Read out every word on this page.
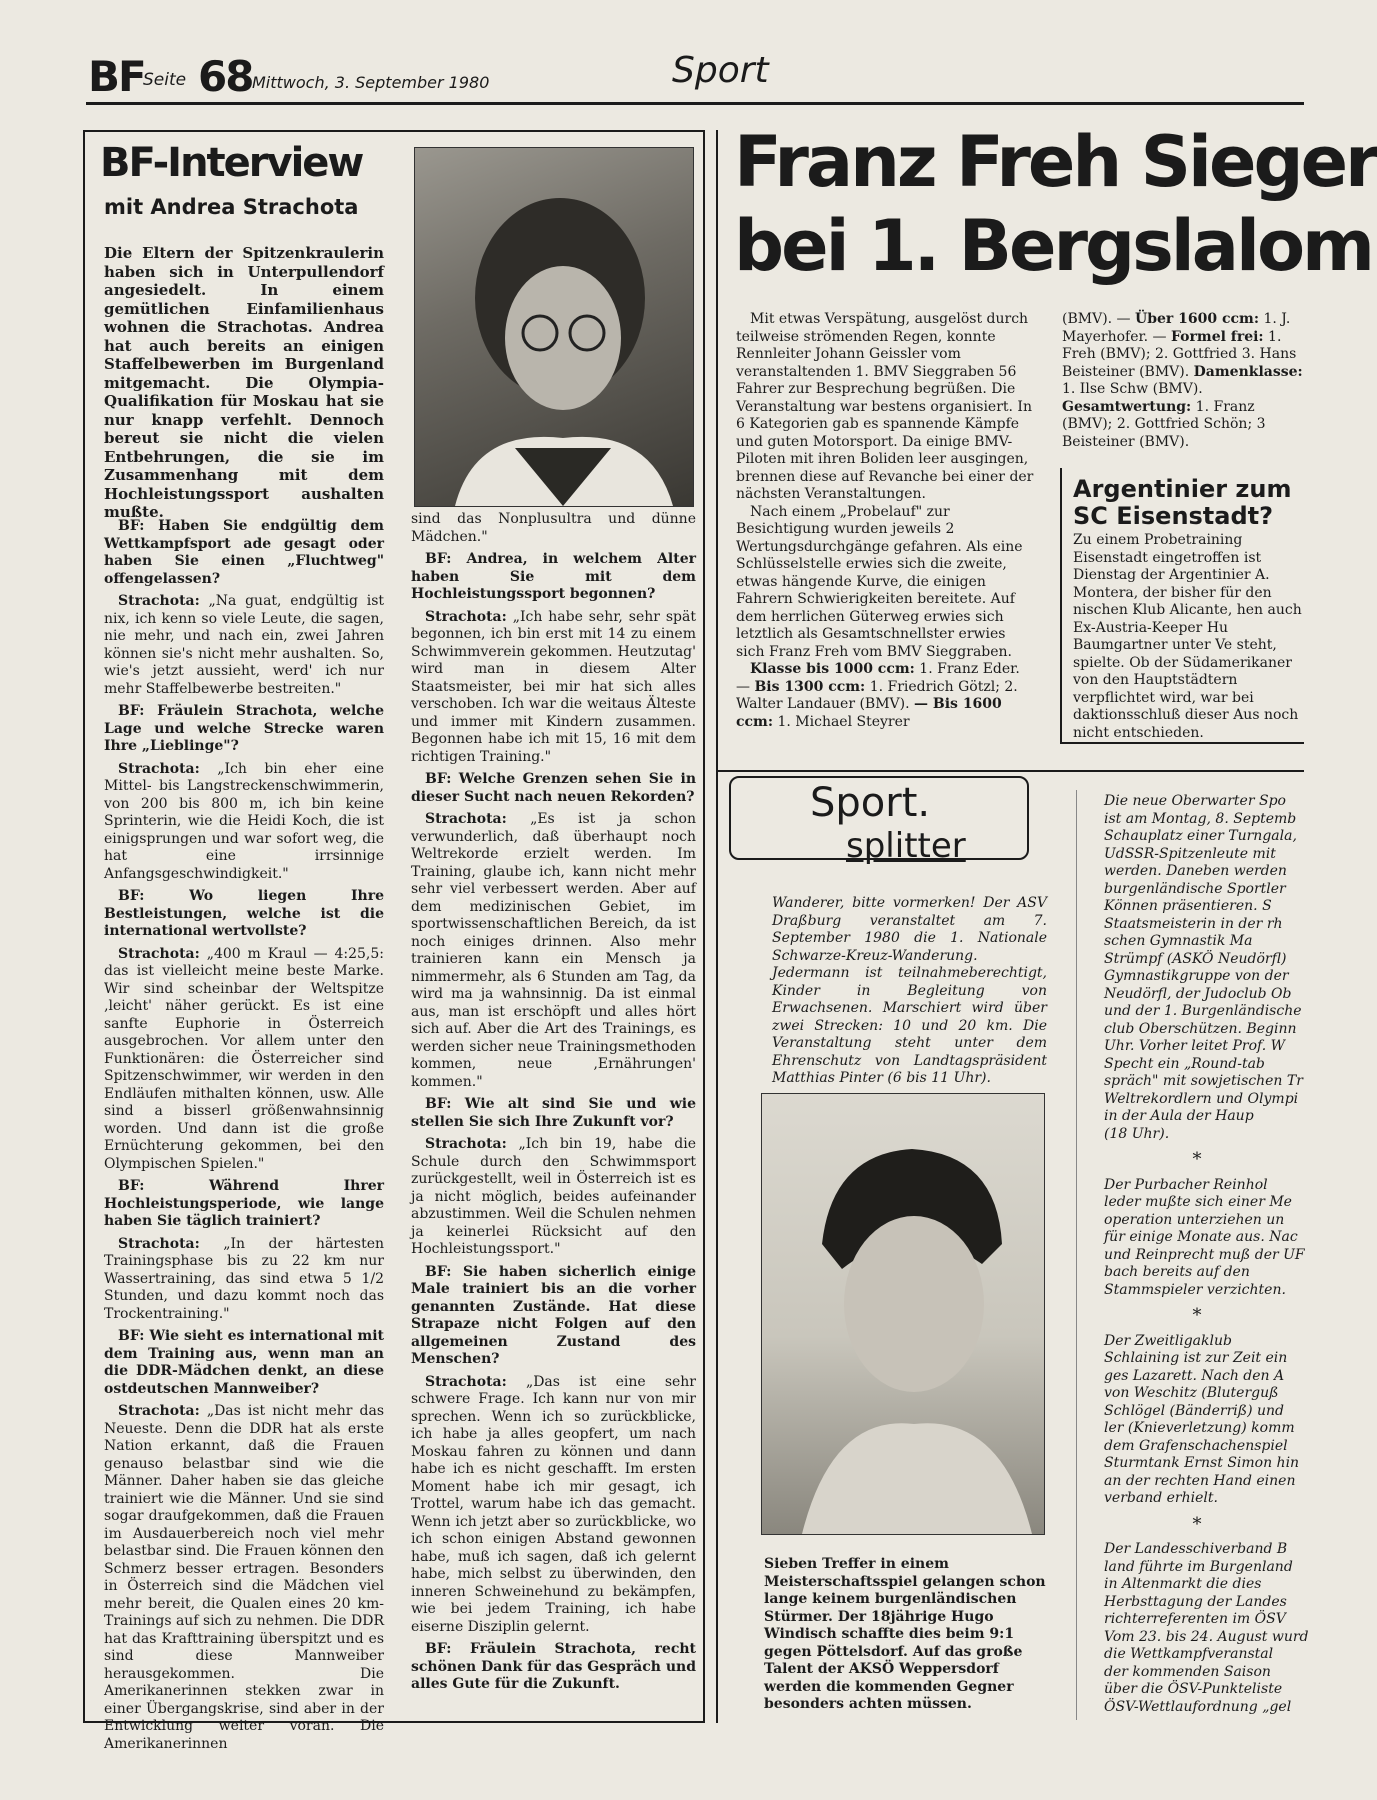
BF
Seite 68 Mittwoch, 3. September 1980	Sport
BF-Interview
mit Andrea Strachota
Die Eltern der Spitzenkraulerin haben sich in Unterpullendorf angesiedelt. In einem gemütlichen Einfamilienhaus wohnen die Strachotas. Andrea hat auch bereits an einigen Staffelbewerben im Burgenland mitgemacht. Die Olympia-Qualifikation für Moskau hat sie nur knapp verfehlt. Dennoch bereut sie nicht die vielen Entbehrungen, die sie im Zusammenhang mit dem Hochleistungssport aushalten mußte.

BF: Haben Sie endgültig dem Wettkampfsport ade gesagt oder haben Sie einen „Fluchtweg" offengelassen?

Strachota: „Na guat, endgültig ist nix, ich kenn so viele Leute, die sagen, nie mehr, und nach ein, zwei Jahren können sie's nicht mehr aushalten. So, wie's jetzt aussieht, werd' ich nur mehr Staffelbewerbe bestreiten."

BF: Fräulein Strachota, welche Lage und welche Strecke waren Ihre „Lieblinge"?

Strachota: „Ich bin eher eine Mittel- bis Langstreckenschwimmerin, von 200 bis 800 m, ich bin keine Sprinterin, wie die Heidi Koch, die ist einigsprungen und war sofort weg, die hat eine irrsinnige Anfangsgeschwindigkeit."

BF: Wo liegen Ihre Bestleistungen, welche ist die international wertvollste?

Strachota: „400 m Kraul — 4:25,5: das ist vielleicht meine beste Marke. Wir sind scheinbar der Weltspitze ‚leicht' näher gerückt. Es ist eine sanfte Euphorie in Österreich ausgebrochen. Vor allem unter den Funktionären: die Österreicher sind Spitzenschwimmer, wir werden in den Endläufen mithalten können, usw. Alle sind a bisserl größenwahnsinnig worden. Und dann ist die große Ernüchterung gekommen, bei den Olympischen Spielen."

BF: Während Ihrer Hochleistungsperiode, wie lange haben Sie täglich trainiert?

Strachota: „In der härtesten Trainingsphase bis zu 22 km nur Wassertraining, das sind etwa 5 1/2 Stunden, und dazu kommt noch das Trockentraining."

BF: Wie sieht es international mit dem Training aus, wenn man an die DDR-Mädchen denkt, an diese ostdeutschen Mannweiber?

Strachota: „Das ist nicht mehr das Neueste. Denn die DDR hat als erste Nation erkannt, daß die Frauen genauso belastbar sind wie die Männer. Daher haben sie das gleiche trainiert wie die Männer. Und sie sind sogar draufgekommen, daß die Frauen im Ausdauerbereich noch viel mehr belastbar sind. Die Frauen können den Schmerz besser ertragen. Besonders in Österreich sind die Mädchen viel mehr bereit, die Qualen eines 20 km-Trainings auf sich zu nehmen. Die DDR hat das Krafttraining überspitzt und es sind diese Mannweiber herausgekommen. Die Amerikanerinnen stekken zwar in einer Übergangskrise, sind aber in der Entwicklung weiter voran. Die Amerikanerinnen

sind das Nonplusultra und dünne Mädchen."

BF: Andrea, in welchem Alter haben Sie mit dem Hochleistungssport begonnen?

Strachota: „Ich habe sehr, sehr spät begonnen, ich bin erst mit 14 zu einem Schwimmverein gekommen. Heutzutag' wird man in diesem Alter Staatsmeister, bei mir hat sich alles verschoben. Ich war die weitaus Älteste und immer mit Kindern zusammen. Begonnen habe ich mit 15, 16 mit dem richtigen Training."

BF: Welche Grenzen sehen Sie in dieser Sucht nach neuen Rekorden?

Strachota: „Es ist ja schon verwunderlich, daß überhaupt noch Weltrekorde erzielt werden. Im Training, glaube ich, kann nicht mehr sehr viel verbessert werden. Aber auf dem medizinischen Gebiet, im sportwissenschaftlichen Bereich, da ist noch einiges drinnen. Also mehr trainieren kann ein Mensch ja nimmermehr, als 6 Stunden am Tag, da wird ma ja wahnsinnig. Da ist einmal aus, man ist erschöpft und alles hört sich auf. Aber die Art des Trainings, es werden sicher neue Trainingsmethoden kommen, neue ‚Ernährungen' kommen."

BF: Wie alt sind Sie und wie stellen Sie sich Ihre Zukunft vor?

Strachota: „Ich bin 19, habe die Schule durch den Schwimmsport zurückgestellt, weil in Österreich ist es ja nicht möglich, beides aufeinander abzustimmen. Weil die Schulen nehmen ja keinerlei Rücksicht auf den Hochleistungssport."

BF: Sie haben sicherlich einige Male trainiert bis an die vorher genannten Zustände. Hat diese Strapaze nicht Folgen auf den allgemeinen Zustand des Menschen?

Strachota: „Das ist eine sehr schwere Frage. Ich kann nur von mir sprechen. Wenn ich so zurückblicke, ich habe ja alles geopfert, um nach Moskau fahren zu können und dann habe ich es nicht geschafft. Im ersten Moment habe ich mir gesagt, ich Trottel, warum habe ich das gemacht. Wenn ich jetzt aber so zurückblicke, wo ich schon einigen Abstand gewonnen habe, muß ich sagen, daß ich gelernt habe, mich selbst zu überwinden, den inneren Schweinehund zu bekämpfen, wie bei jedem Training, ich habe eiserne Disziplin gelernt.

BF: Fräulein Strachota, recht schönen Dank für das Gespräch und alles Gute für die Zukunft.

Franz Freh Sieger
bei 1. Bergslalom

Mit etwas Verspätung, ausgelöst durch teilweise strömenden Regen, konnte Rennleiter Johann Geissler vom veranstaltenden 1. BMV Sieggraben 56 Fahrer zur Besprechung begrüßen. Die Veranstaltung war bestens organisiert. In 6 Kategorien gab es spannende Kämpfe und guten Motorsport. Da einige BMV-Piloten mit ihren Boliden leer ausgingen, brennen diese auf Revanche bei einer der nächsten Veranstaltungen.

Nach einem „Probelauf" zur Besichtigung wurden jeweils 2 Wertungsdurchgänge gefahren. Als eine Schlüsselstelle erwies sich die zweite, etwas hängende Kurve, die einigen Fahrern Schwierigkeiten bereitete. Auf dem herrlichen Güterweg erwies sich letztlich als Gesamtschnellster erwies sich Franz Freh vom BMV Sieggraben.

Klasse bis 1000 ccm: 1. Franz Eder. — Bis 1300 ccm: 1. Friedrich Götzl; 2. Walter Landauer (BMV). — Bis 1600 ccm: 1. Michael Steyrer

(BMV). — Über 1600 ccm: 1. J. Mayerhofer. — Formel frei: 1. Freh (BMV); 2. Gottfried 3. Hans Beisteiner (BMV). Damenklasse: 1. Ilse Schw (BMV). Gesamtwertung: 1. Franz (BMV); 2. Gottfried Schön; 3 Beisteiner (BMV).
Argentinier zum
SC Eisenstadt?
Zu einem Probetraining Eisenstadt eingetroffen ist Dienstag der Argentinier A. Montera, der bisher für den nischen Klub Alicante, hen auch Ex-Austria-Keeper Hu Baumgartner unter Ve steht, spielte. Ob der Südamerikaner von den Hauptstädtern verpflichtet wird, war bei daktionsschluß dieser Aus noch nicht entschieden.
Sport.
splitter
Wanderer, bitte vormerken! Der ASV Draßburg veranstaltet am 7. September 1980 die 1. Nationale Schwarze-Kreuz-Wanderung. Jedermann ist teilnahmeberechtigt, Kinder in Begleitung von Erwachsenen. Marschiert wird über zwei Strecken: 10 und 20 km. Die Veranstaltung steht unter dem Ehrenschutz von Landtagspräsident Matthias Pinter (6 bis 11 Uhr).
Sieben Treffer in einem Meisterschaftsspiel gelangen schon lange keinem burgenländischen Stürmer. Der 18jährige Hugo Windisch schaffte dies beim 9:1 gegen Pöttelsdorf. Auf das große Talent der AKSÖ Weppersdorf werden die kommenden Gegner besonders achten müssen.

Die neue Oberwarter Spo

ist am Montag, 8. Septemb

Schauplatz einer Turngala,

UdSSR-Spitzenleute mit

werden. Daneben werden

burgenländische Sportler

Können präsentieren. S

Staatsmeisterin in der rh

schen Gymnastik Ma

Strümpf (ASKÖ Neudörfl)

Gymnastikgruppe von der

Neudörfl, der Judoclub Ob

und der 1. Burgenländische

club Oberschützen. Beginn

Uhr. Vorher leitet Prof. W

Specht ein „Round-tab

spräch" mit sowjetischen Tr

Weltrekordlern und Olympi

in der Aula der Haup

(18 Uhr).

*

Der Purbacher Reinhol

leder mußte sich einer Me

operation unterziehen un

für einige Monate aus. Nac

und Reinprecht muß der UF

bach bereits auf den

Stammspieler verzichten.

*

Der Zweitligaklub

Schlaining ist zur Zeit ein

ges Lazarett. Nach den A

von Weschitz (Bluterguß

Schlögel (Bänderriß) und

ler (Knieverletzung) komm

dem Grafenschachenspiel

Sturmtank Ernst Simon hin

an der rechten Hand einen

verband erhielt.

*

Der Landesschiverband B

land führte im Burgenland

in Altenmarkt die dies

Herbsttagung der Landes

richterreferenten im ÖSV

Vom 23. bis 24. August wurd

die Wettkampfveranstal

der kommenden Saison

über die ÖSV-Punkteliste

ÖSV-Wettlaufordnung „gel
